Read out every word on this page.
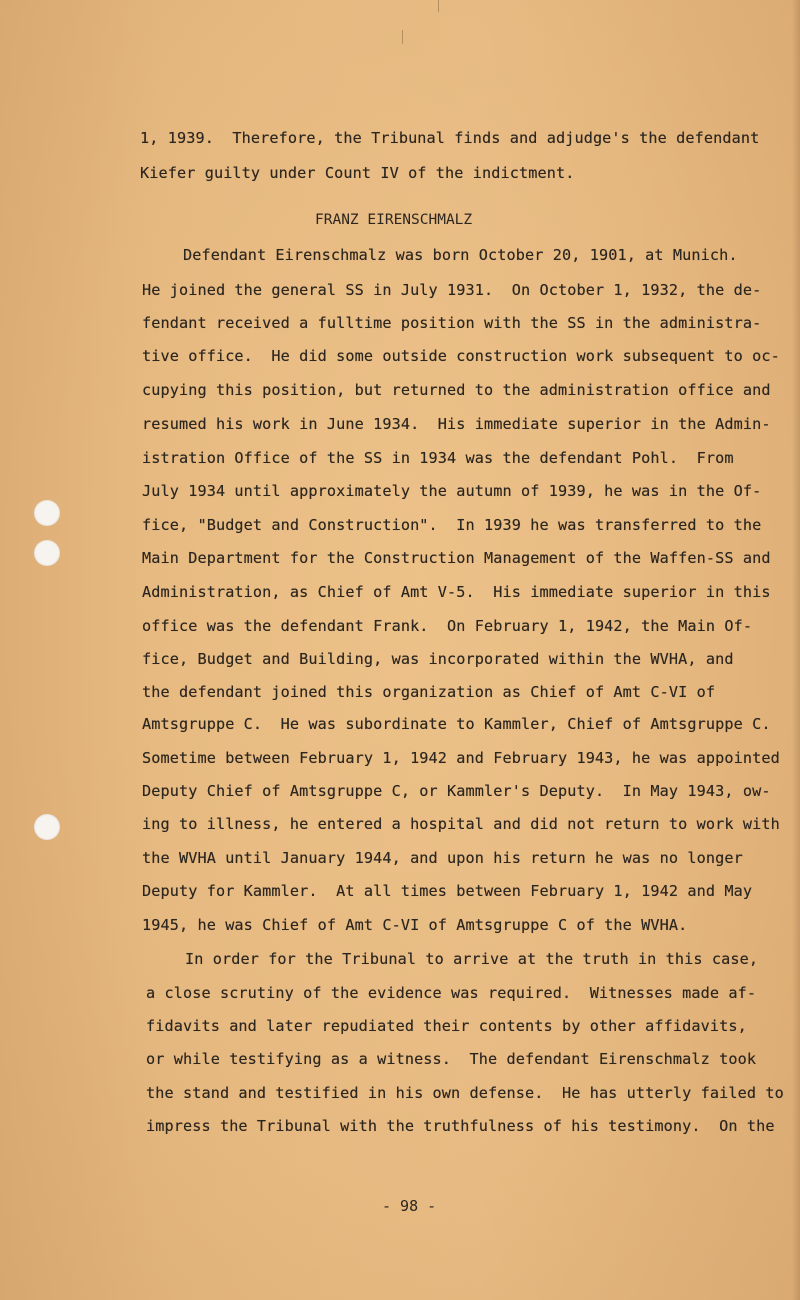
1, 1939.  Therefore, the Tribunal finds and adjudge's the defendant
Kiefer guilty under Count IV of the indictment.
FRANZ EIRENSCHMALZ
Defendant Eirenschmalz was born October 20, 1901, at Munich.
He joined the general SS in July 1931.  On October 1, 1932, the de-
fendant received a fulltime position with the SS in the administra-
tive office.  He did some outside construction work subsequent to oc-
cupying this position, but returned to the administration office and
resumed his work in June 1934.  His immediate superior in the Admin-
istration Office of the SS in 1934 was the defendant Pohl.  From
July 1934 until approximately the autumn of 1939, he was in the Of-
fice, "Budget and Construction".  In 1939 he was transferred to the
Main Department for the Construction Management of the Waffen-SS and
Administration, as Chief of Amt V-5.  His immediate superior in this
office was the defendant Frank.  On February 1, 1942, the Main Of-
fice, Budget and Building, was incorporated within the WVHA, and
the defendant joined this organization as Chief of Amt C-VI of
Amtsgruppe C.  He was subordinate to Kammler, Chief of Amtsgruppe C.
Sometime between February 1, 1942 and February 1943, he was appointed
Deputy Chief of Amtsgruppe C, or Kammler's Deputy.  In May 1943, ow-
ing to illness, he entered a hospital and did not return to work with
the WVHA until January 1944, and upon his return he was no longer
Deputy for Kammler.  At all times between February 1, 1942 and May
1945, he was Chief of Amt C-VI of Amtsgruppe C of the WVHA.
In order for the Tribunal to arrive at the truth in this case,
a close scrutiny of the evidence was required.  Witnesses made af-
fidavits and later repudiated their contents by other affidavits,
or while testifying as a witness.  The defendant Eirenschmalz took
the stand and testified in his own defense.  He has utterly failed to
impress the Tribunal with the truthfulness of his testimony.  On the
- 98 -
